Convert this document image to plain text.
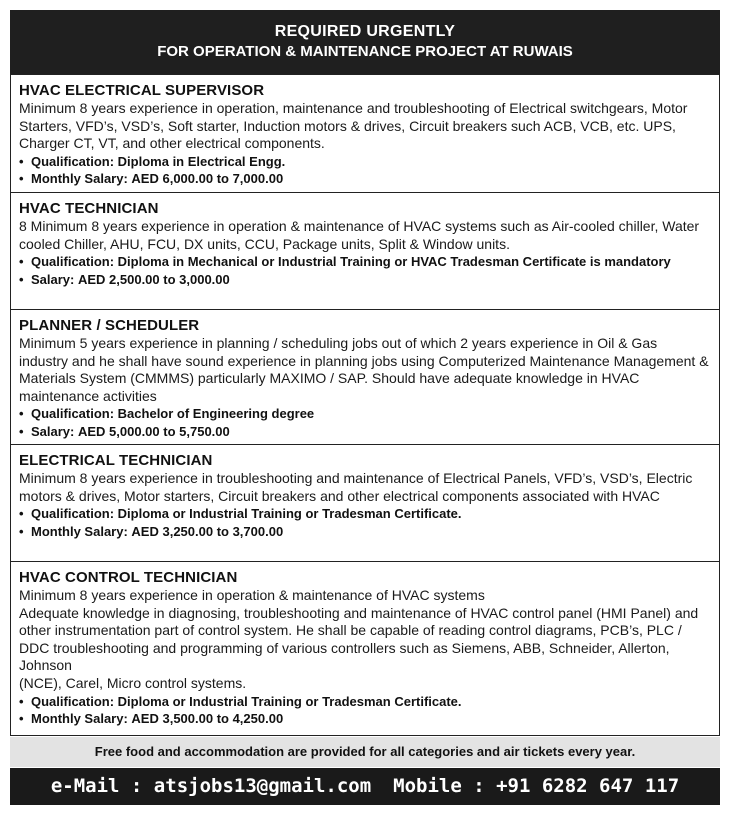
REQUIRED URGENTLY
FOR OPERATION & MAINTENANCE PROJECT AT RUWAIS
HVAC ELECTRICAL SUPERVISOR
Minimum 8 years experience in operation, maintenance and troubleshooting of Electrical switchgears, Motor Starters, VFD’s, VSD’s, Soft starter, Induction motors & drives, Circuit breakers such ACB, VCB, etc. UPS, Charger CT, VT, and other electrical components.
• Qualification: Diploma in Electrical Engg.
• Monthly Salary: AED 6,000.00 to 7,000.00
HVAC TECHNICIAN
8 Minimum 8 years experience in operation & maintenance of HVAC systems such as Air-cooled chiller, Water cooled Chiller, AHU, FCU, DX units, CCU, Package units, Split & Window units.
• Qualification: Diploma in Mechanical or Industrial Training or HVAC Tradesman Certificate is mandatory
• Salary: AED 2,500.00 to 3,000.00
PLANNER / SCHEDULER
Minimum 5 years experience in planning / scheduling jobs out of which 2 years experience in Oil & Gas industry and he shall have sound experience in planning jobs using Computerized Maintenance Management & Materials System (CMMMS) particularly MAXIMO / SAP. Should have adequate knowledge in HVAC maintenance activities
• Qualification: Bachelor of Engineering degree
• Salary: AED 5,000.00 to 5,750.00
ELECTRICAL TECHNICIAN
Minimum 8 years experience in troubleshooting and maintenance of Electrical Panels, VFD’s, VSD’s, Electric motors & drives, Motor starters, Circuit breakers and other electrical components associated with HVAC
• Qualification: Diploma or Industrial Training or Tradesman Certificate.
• Monthly Salary: AED 3,250.00 to 3,700.00
HVAC CONTROL TECHNICIAN
Minimum 8 years experience in operation & maintenance of HVAC systems
Adequate knowledge in diagnosing, troubleshooting and maintenance of HVAC control panel (HMI Panel) and other instrumentation part of control system. He shall be capable of reading control diagrams, PCB’s, PLC / DDC troubleshooting and programming of various controllers such as Siemens, ABB, Schneider, Allerton, Johnson
(NCE), Carel, Micro control systems.
• Qualification: Diploma or Industrial Training or Tradesman Certificate.
• Monthly Salary: AED 3,500.00 to 4,250.00
Free food and accommodation are provided for all categories and air tickets every year.
e-Mail : atsjobs13@gmail.com Mobile : +91 6282 647 117
